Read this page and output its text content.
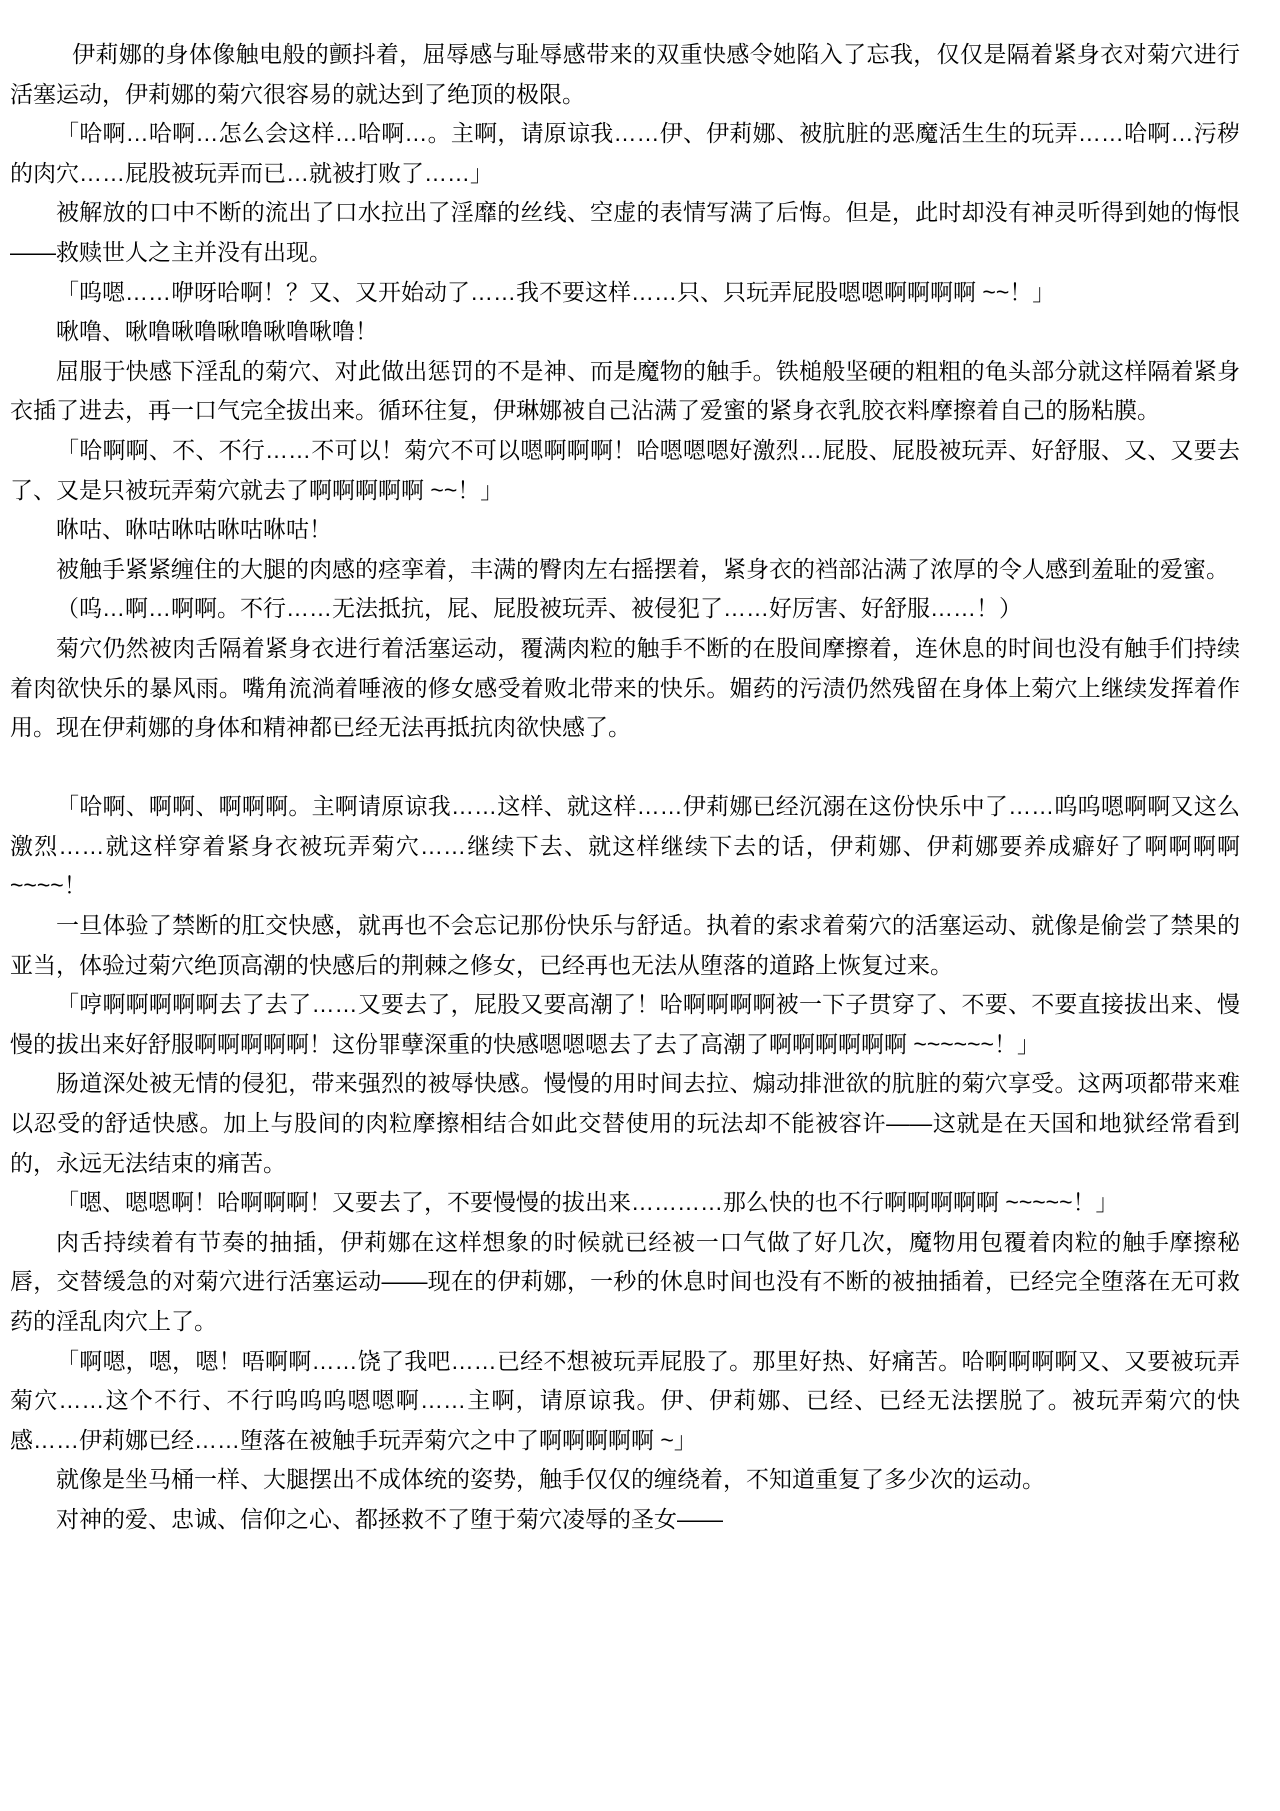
伊莉娜的身体像触电般的颤抖着，屈辱感与耻辱感带来的双重快感令她陷入了忘我，仅仅是隔着紧身衣对菊穴进行活塞运动，伊莉娜的菊穴很容易的就达到了绝顶的极限。

「哈啊…哈啊…怎么会这样…哈啊…。主啊，请原谅我……伊、伊莉娜、被肮脏的恶魔活生生的玩弄……哈啊…污秽的肉穴……屁股被玩弄而已…就被打败了……」

被解放的口中不断的流出了口水拉出了淫靡的丝线、空虚的表情写满了后悔。但是，此时却没有神灵听得到她的悔恨——救赎世人之主并没有出现。

「呜嗯……咿呀哈啊！？又、又开始动了……我不要这样……只、只玩弄屁股嗯嗯啊啊啊啊 ~~！」

啾噜、啾噜啾噜啾噜啾噜啾噜！

屈服于快感下淫乱的菊穴、对此做出惩罚的不是神、而是魔物的触手。铁槌般坚硬的粗粗的龟头部分就这样隔着紧身衣插了进去，再一口气完全拔出来。循环往复，伊琳娜被自己沾满了爱蜜的紧身衣乳胶衣料摩擦着自己的肠粘膜。

「哈啊啊、不、不行……不可以！菊穴不可以嗯啊啊啊！哈嗯嗯嗯好激烈…屁股、屁股被玩弄、好舒服、又、又要去了、又是只被玩弄菊穴就去了啊啊啊啊啊 ~~！」

咻咕、咻咕咻咕咻咕咻咕！

被触手紧紧缠住的大腿的肉感的痉挛着，丰满的臀肉左右摇摆着，紧身衣的裆部沾满了浓厚的令人感到羞耻的爱蜜。

（呜…啊…啊啊。不行……无法抵抗，屁、屁股被玩弄、被侵犯了……好厉害、好舒服……！）

菊穴仍然被肉舌隔着紧身衣进行着活塞运动，覆满肉粒的触手不断的在股间摩擦着，连休息的时间也没有触手们持续着肉欲快乐的暴风雨。嘴角流淌着唾液的修女感受着败北带来的快乐。媚药的污渍仍然残留在身体上菊穴上继续发挥着作用。现在伊莉娜的身体和精神都已经无法再抵抗肉欲快感了。

「哈啊、啊啊、啊啊啊。主啊请原谅我……这样、就这样……伊莉娜已经沉溺在这份快乐中了……呜呜嗯啊啊又这么激烈……就这样穿着紧身衣被玩弄菊穴……继续下去、就这样继续下去的话，伊莉娜、伊莉娜要养成癖好了啊啊啊啊 ~~~~！

一旦体验了禁断的肛交快感，就再也不会忘记那份快乐与舒适。执着的索求着菊穴的活塞运动、就像是偷尝了禁果的亚当，体验过菊穴绝顶高潮的快感后的荆棘之修女，已经再也无法从堕落的道路上恢复过来。

「哼啊啊啊啊啊去了去了……又要去了，屁股又要高潮了！哈啊啊啊啊被一下子贯穿了、不要、不要直接拔出来、慢慢的拔出来好舒服啊啊啊啊啊！这份罪孽深重的快感嗯嗯嗯去了去了高潮了啊啊啊啊啊啊 ~~~~~~！」

肠道深处被无情的侵犯，带来强烈的被辱快感。慢慢的用时间去拉、煽动排泄欲的肮脏的菊穴享受。这两项都带来难以忍受的舒适快感。加上与股间的肉粒摩擦相结合如此交替使用的玩法却不能被容许——这就是在天国和地狱经常看到的，永远无法结束的痛苦。

「嗯、嗯嗯啊！哈啊啊啊！又要去了，不要慢慢的拔出来…………那么快的也不行啊啊啊啊啊 ~~~~~！」

肉舌持续着有节奏的抽插，伊莉娜在这样想象的时候就已经被一口气做了好几次，魔物用包覆着肉粒的触手摩擦秘唇，交替缓急的对菊穴进行活塞运动——现在的伊莉娜，一秒的休息时间也没有不断的被抽插着，已经完全堕落在无可救药的淫乱肉穴上了。

「啊嗯，嗯，嗯！唔啊啊……饶了我吧……已经不想被玩弄屁股了。那里好热、好痛苦。哈啊啊啊啊又、又要被玩弄菊穴……这个不行、不行呜呜呜嗯嗯啊……主啊，请原谅我。伊、伊莉娜、已经、已经无法摆脱了。被玩弄菊穴的快感……伊莉娜已经……堕落在被触手玩弄菊穴之中了啊啊啊啊啊 ~」

就像是坐马桶一样、大腿摆出不成体统的姿势，触手仅仅的缠绕着，不知道重复了多少次的运动。

对神的爱、忠诚、信仰之心、都拯救不了堕于菊穴凌辱的圣女——
